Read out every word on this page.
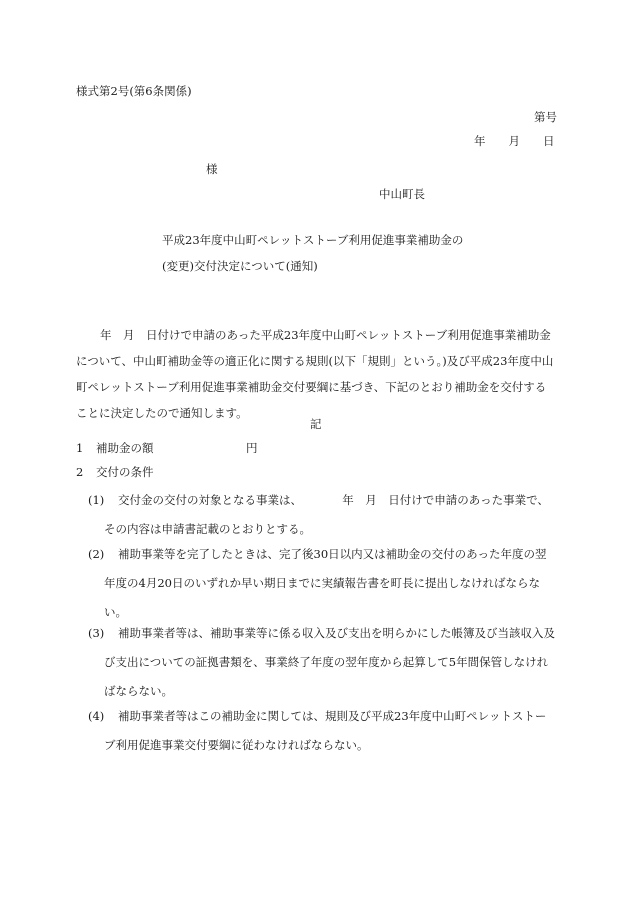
様式第2号(第6条関係)
第号
年　　月　　日
様
中山町長
平成23年度中山町ペレットストーブ利用促進事業補助金の
(変更)交付決定について(通知)
年　月　日付けで申請のあった平成23年度中山町ペレットストーブ利用促進事業補助金について、中山町補助金等の適正化に関する規則(以下「規則」という。)及び平成23年度中山町ペレットストーブ利用促進事業補助金交付要綱に基づき、下記のとおり補助金を交付することに決定したので通知します。
記
1 補助金の額	円
2 交付の条件
(1)	交付金の交付の対象となる事業は、　　　　年　月　日付けで申請のあった事業で、その内容は申請書記載のとおりとする。
(2)	補助事業等を完了したときは、完了後30日以内又は補助金の交付のあった年度の翌年度の4月20日のいずれか早い期日までに実績報告書を町長に提出しなければならない。
(3)	補助事業者等は、補助事業等に係る収入及び支出を明らかにした帳簿及び当該収入及び支出についての証拠書類を、事業終了年度の翌年度から起算して5年間保管しなければならない。
(4)	補助事業者等はこの補助金に関しては、規則及び平成23年度中山町ペレットストーブ利用促進事業交付要綱に従わなければならない。
